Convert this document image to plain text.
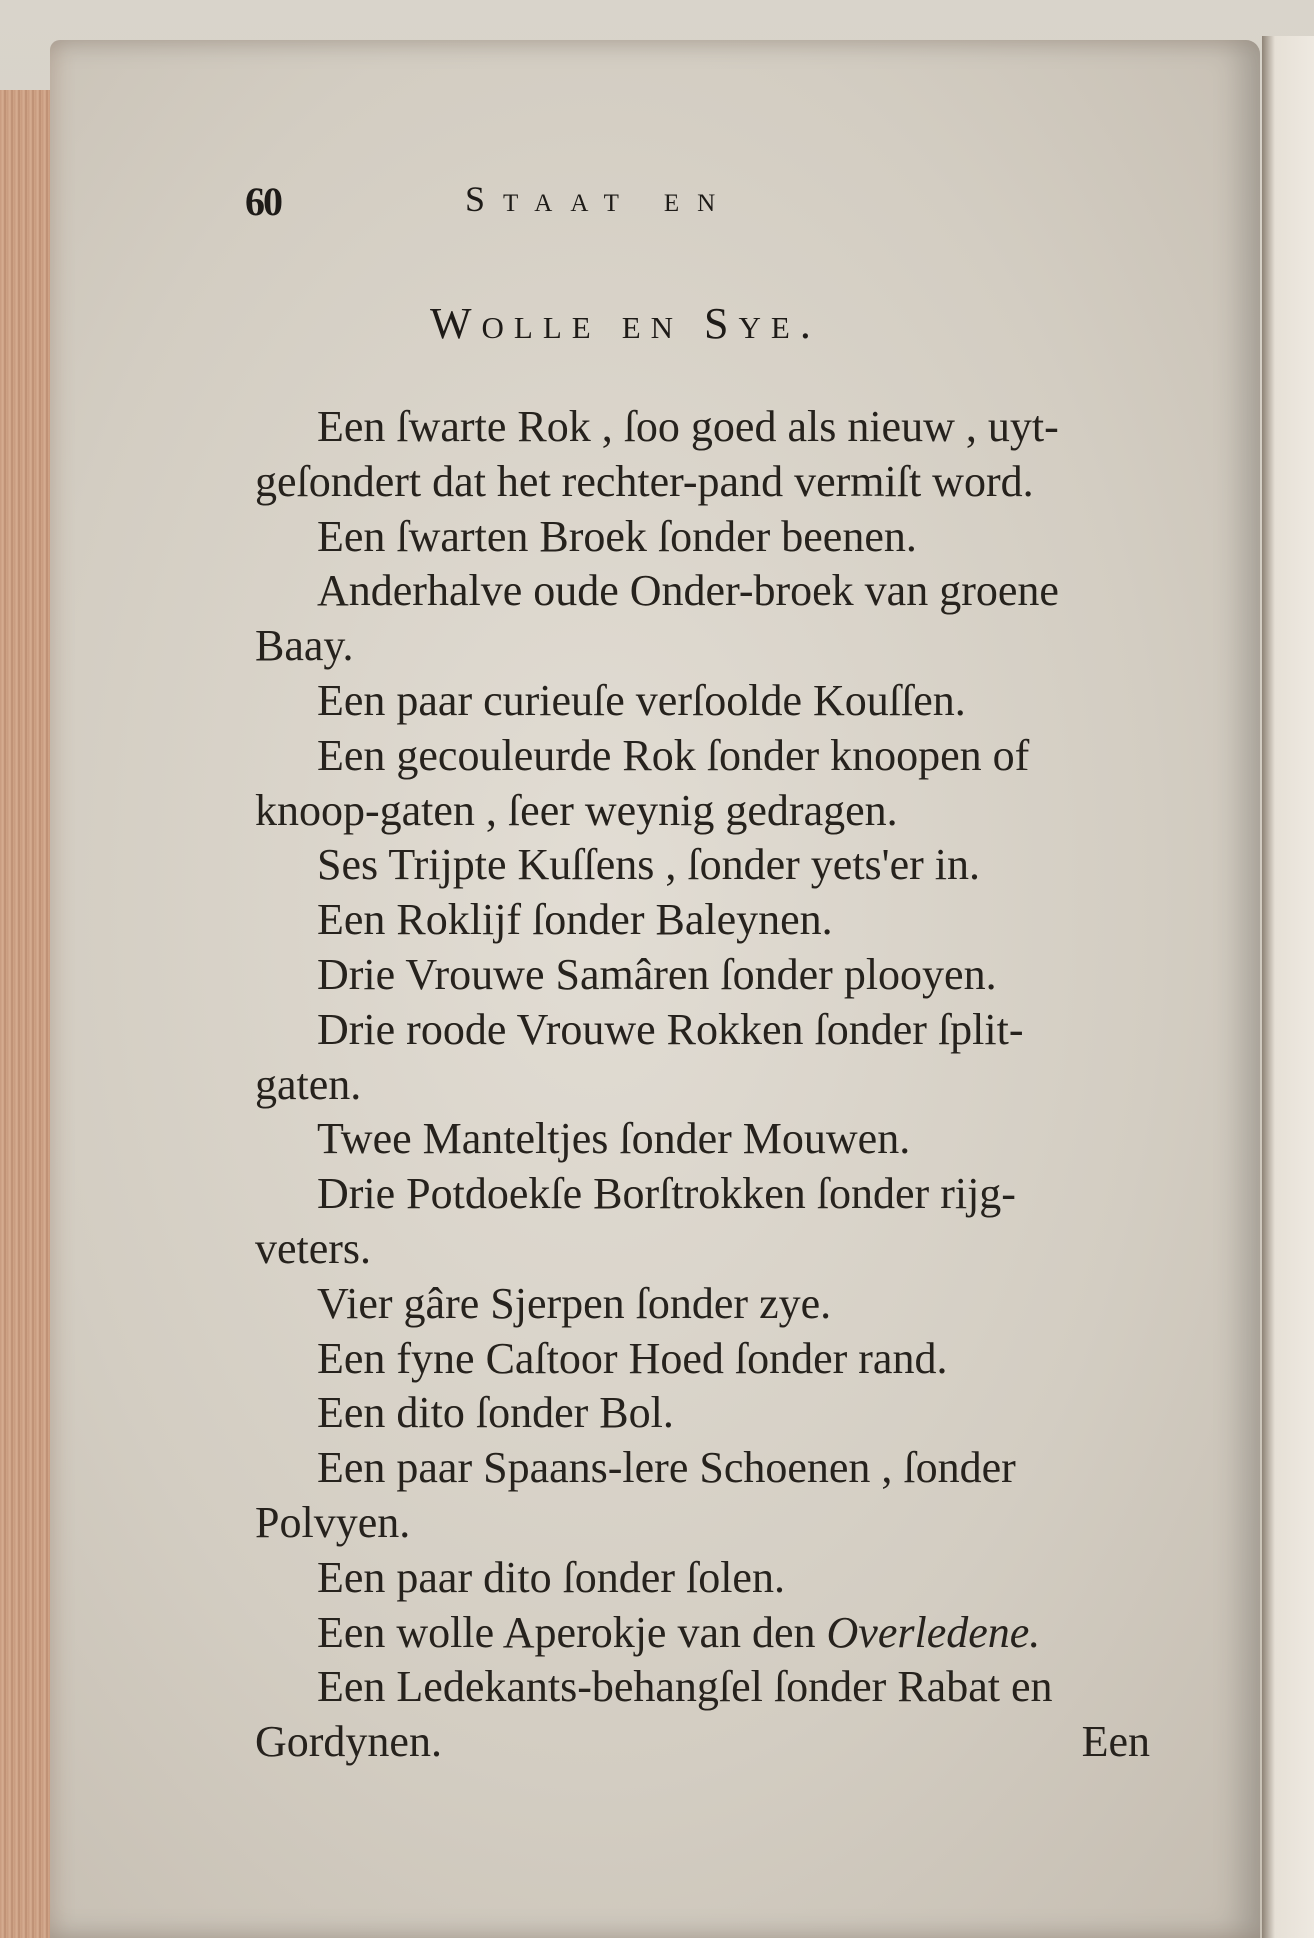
60	Staat en
Wolle en Sye.
Een ſwarte Rok , ſoo goed als nieuw , uyt-
geſondert dat het rechter-pand vermiſt word.
Een ſwarten Broek ſonder beenen.
Anderhalve oude Onder-broek van groene
Baay.
Een paar curieuſe verſoolde Kouſſen.
Een gecouleurde Rok ſonder knoopen of
knoop-gaten , ſeer weynig gedragen.
Ses Trijpte Kuſſens , ſonder yets'er in.
Een Roklijf ſonder Baleynen.
Drie Vrouwe Samâren ſonder plooyen.
Drie roode Vrouwe Rokken ſonder ſplit-
gaten.
Twee Manteltjes ſonder Mouwen.
Drie Potdoekſe Borſtrokken ſonder rijg-
veters.
Vier gâre Sjerpen ſonder zye.
Een fyne Caſtoor Hoed ſonder rand.
Een dito ſonder Bol.
Een paar Spaans-lere Schoenen , ſonder
Polvyen.
Een paar dito ſonder ſolen.
Een wolle Aperokje van den Overledene.
Een Ledekants-behangſel ſonder Rabat en
Gordynen.	Een
